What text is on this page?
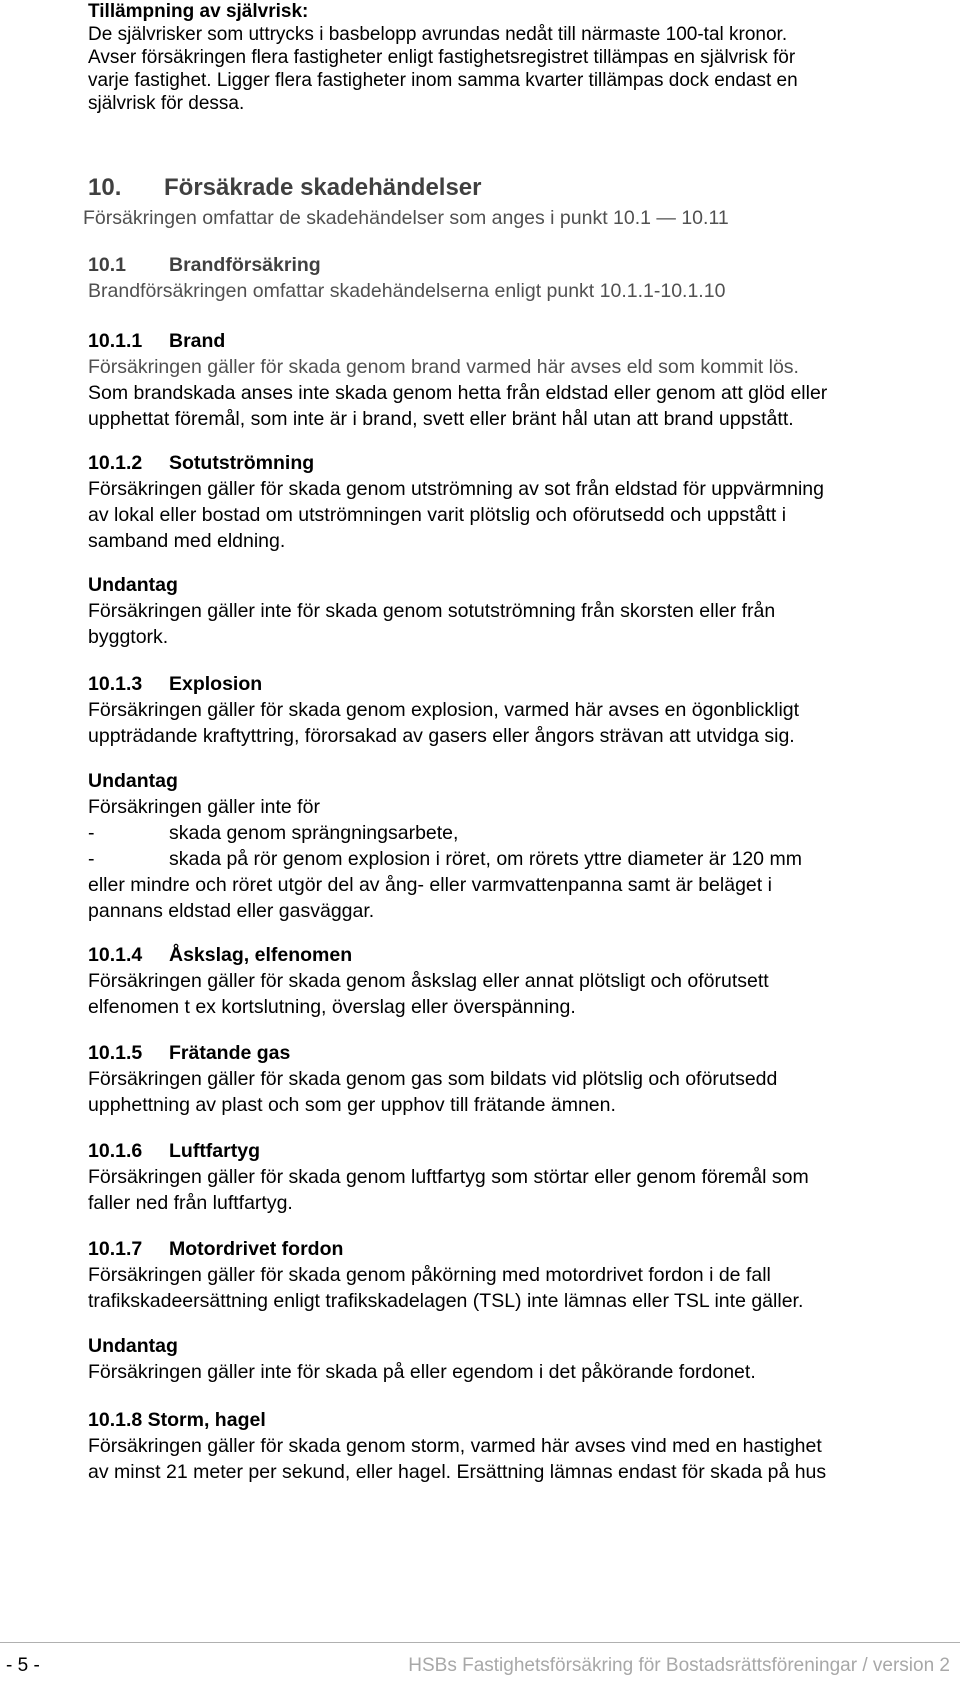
Tillämpning av självrisk:
De självrisker som uttrycks i basbelopp avrundas nedåt till närmaste 100-tal kronor.
Avser försäkringen flera fastigheter enligt fastighetsregistret tillämpas en självrisk för
varje fastighet. Ligger flera fastigheter inom samma kvarter tillämpas dock endast en
självrisk för dessa.
10. Försäkrade skadehändelser
Försäkringen omfattar de skadehändelser som anges i punkt 10.1 — 10.11
10.1 Brandförsäkring
Brandförsäkringen omfattar skadehändelserna enligt punkt 10.1.1-10.1.10
10.1.1 Brand
Försäkringen gäller för skada genom brand varmed här avses eld som kommit lös.
Som brandskada anses inte skada genom hetta från eldstad eller genom att glöd eller
upphettat föremål, som inte är i brand, svett eller bränt hål utan att brand uppstått.
10.1.2 Sotutströmning
Försäkringen gäller för skada genom utströmning av sot från eldstad för uppvärmning
av lokal eller bostad om utströmningen varit plötslig och oförutsedd och uppstått i
samband med eldning.
Undantag
Försäkringen gäller inte för skada genom sotutströmning från skorsten eller från
byggtork.
10.1.3 Explosion
Försäkringen gäller för skada genom explosion, varmed här avses en ögonblickligt
uppträdande kraftyttring, förorsakad av gasers eller ångors strävan att utvidga sig.
Undantag
Försäkringen gäller inte för
-	skada genom sprängningsarbete,
-	skada på rör genom explosion i röret, om rörets yttre diameter är 120 mm
eller mindre och röret utgör del av ång- eller varmvattenpanna samt är beläget i
pannans eldstad eller gasväggar.
10.1.4 Åskslag, elfenomen
Försäkringen gäller för skada genom åskslag eller annat plötsligt och oförutsett
elfenomen t ex kortslutning, överslag eller överspänning.
10.1.5 Frätande gas
Försäkringen gäller för skada genom gas som bildats vid plötslig och oförutsedd
upphettning av plast och som ger upphov till frätande ämnen.
10.1.6 Luftfartyg
Försäkringen gäller för skada genom luftfartyg som störtar eller genom föremål som
faller ned från luftfartyg.
10.1.7 Motordrivet fordon
Försäkringen gäller för skada genom påkörning med motordrivet fordon i de fall
trafikskadeersättning enligt trafikskadelagen (TSL) inte lämnas eller TSL inte gäller.
Undantag
Försäkringen gäller inte för skada på eller egendom i det påkörande fordonet.
10.1.8 Storm, hagel
Försäkringen gäller för skada genom storm, varmed här avses vind med en hastighet
av minst 21 meter per sekund, eller hagel. Ersättning lämnas endast för skada på hus
- 5 -	HSBs Fastighetsförsäkring för Bostadsrättsföreningar / version 2
